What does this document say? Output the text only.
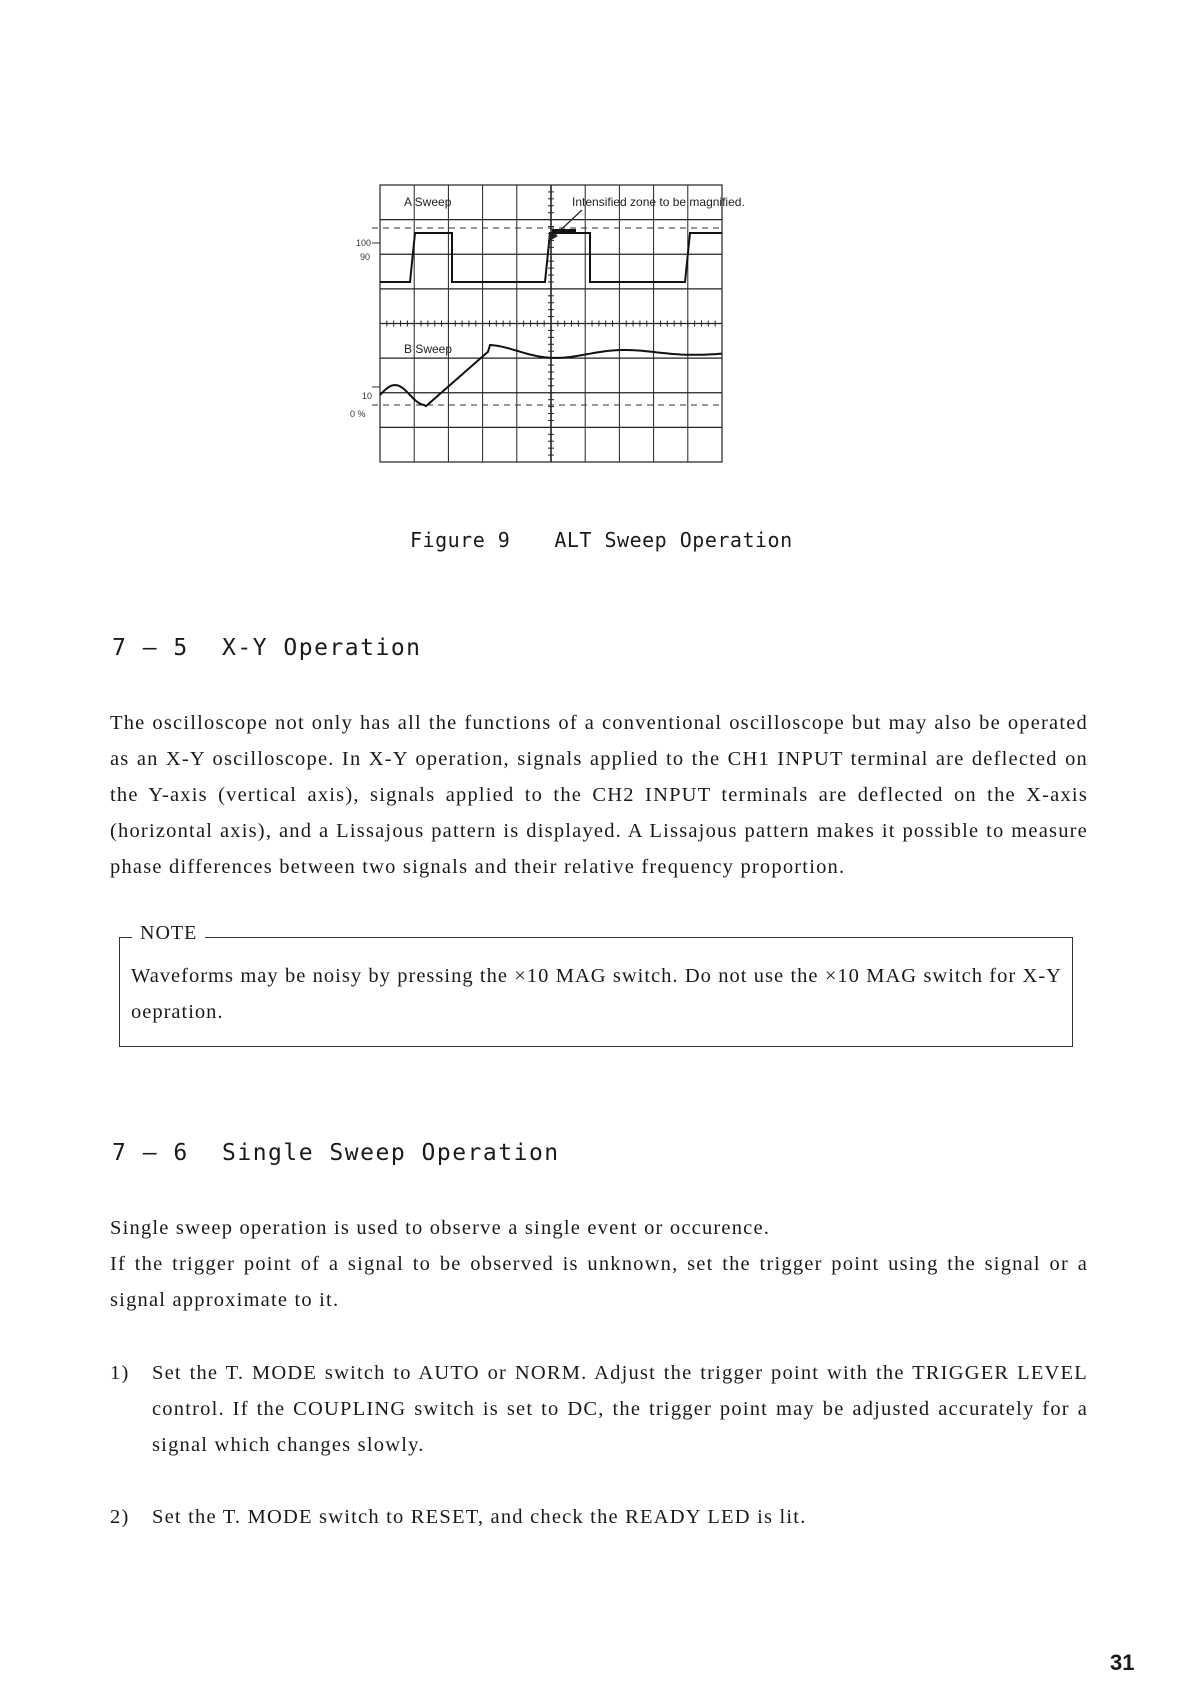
A Sweep
B Sweep
Intensified zone to be magnified.
100
90
10
0 %
Figure 9 ALT Sweep Operation
7 — 5 X-Y Operation

The oscilloscope not only has all the functions of a conventional oscilloscope but may also be operated as an X-Y oscilloscope. In X-Y operation, signals applied to the CH1 INPUT terminal are deflected on the Y-axis (vertical axis), signals applied to the CH2 INPUT terminals are deflected on the X-axis (horizontal axis), and a Lissajous pattern is displayed. A Lissajous pattern makes it possible to measure phase differences between two signals and their relative frequency proportion.

NOTE

Waveforms may be noisy by pressing the ×10 MAG switch. Do not use the ×10 MAG switch for X-Y oepration.

7 — 6 Single Sweep Operation

Single sweep operation is used to observe a single event or occurence.

If the trigger point of a signal to be observed is unknown, set the trigger point using the signal or a signal approximate to it.

1) Set the T. MODE switch to AUTO or NORM. Adjust the trigger point with the TRIGGER LEVEL control. If the COUPLING switch is set to DC, the trigger point may be adjusted accurately for a signal which changes slowly.
2) Set the T. MODE switch to RESET, and check the READY LED is lit.
31
